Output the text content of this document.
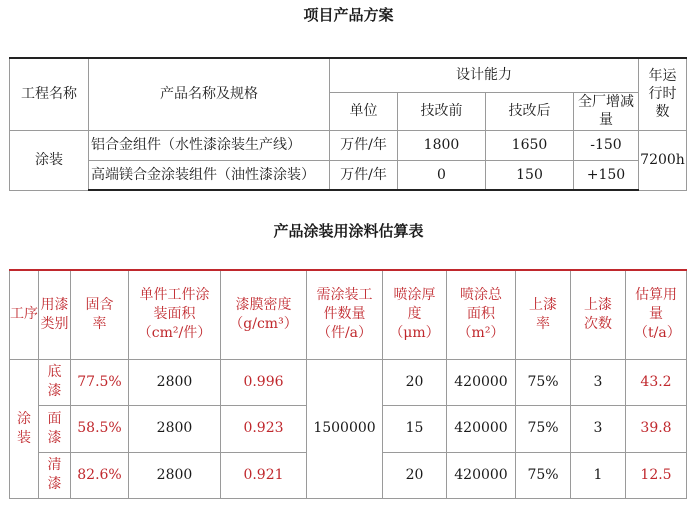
项目产品方案
工程名称	产品名称及规格	设计能力				年运行时数
		单位	技改前	技改后	全厂增减量	
涂装	铝合金组件（水性漆涂装生产线）	万件/年	1800	1650	-150	7200h
	高端镁合金涂装组件（油性漆涂装）	万件/年	0	150	+150	
产品涂装用涂料估算表
工序	用漆类别	固含率	单件工件涂装面积（cm²/件）	漆膜密度（g/cm³）	需涂装工件数量（件/a）	喷涂厚度（μm）	喷涂总面积（m²）	上漆率	上漆次数	估算用量（t/a）
涂装	底漆	77.5%	2800	0.996	1500000	20	420000	75%	3	43.2
	面漆	58.5%	2800	0.923		15	420000	75%	3	39.8
	清漆	82.6%	2800	0.921		20	420000	75%	1	12.5
